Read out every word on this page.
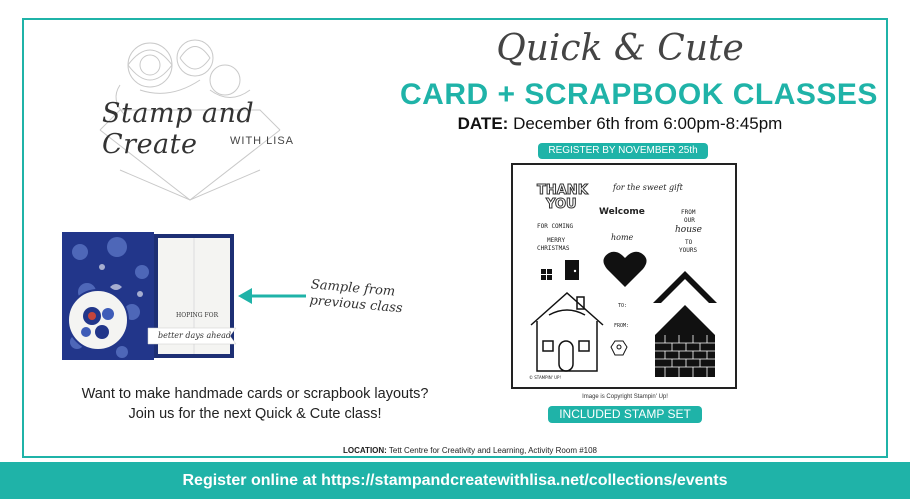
Stamp and Create	WITH LISA
Quick & Cute
CARD + SCRAPBOOK CLASSES
DATE: December 6th from 6:00pm-8:45pm
REGISTER BY NOVEMBER 25th
THANK
YOU
FOR COMING
MERRY
CHRISTMAS
for the sweet gift
Welcome
home
FROM
OUR
house
TO
YOURS
TO:
FROM:
© STAMPIN' UP!
Image is Copyright Stampin' Up!
INCLUDED STAMP SET
HOPING FOR
better days ahead
Sample from previous class
Want to make handmade cards or scrapbook layouts?
Join us for the next Quick & Cute class!
LOCATION: Tett Centre for Creativity and Learning, Activity Room #108
Register online at https://stampandcreatewithlisa.net/collections/events
